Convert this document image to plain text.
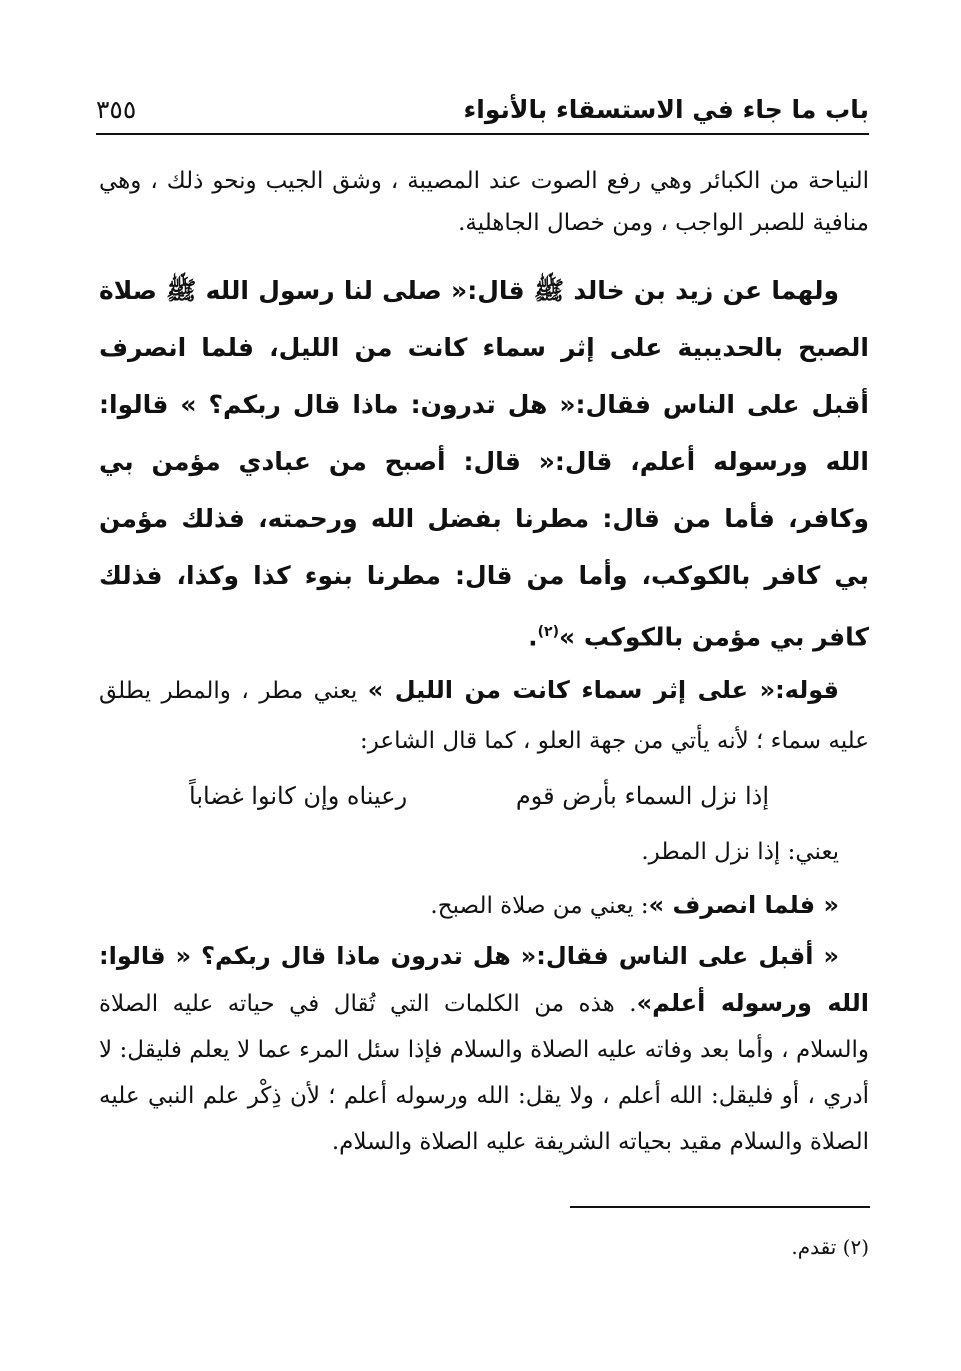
باب ما جاء في الاستسقاء بالأنواء
٣٥٥

النياحة من الكبائر وهي رفع الصوت عند المصيبة ، وشق الجيب ونحو ذلك ، وهي منافية للصبر الواجب ، ومن خصال الجاهلية.

ولهما عن زيد بن خالد ﷺ قال:« صلى لنا رسول الله ﷺ صلاة الصبح بالحديبية على إثر سماء كانت من الليل، فلما انصرف أقبل على الناس فقال:« هل تدرون: ماذا قال ربكم؟ » قالوا: الله ورسوله أعلم، قال:« قال: أصبح من عبادي مؤمن بي وكافر، فأما من قال: مطرنا بفضل الله ورحمته، فذلك مؤمن بي كافر بالكوكب، وأما من قال: مطرنا بنوء كذا وكذا، فذلك كافر بي مؤمن بالكوكب »$^{(٢)}$.

قوله:« على إثر سماء كانت من الليل » يعني مطر ، والمطر يطلق عليه سماء ؛ لأنه يأتي من جهة العلو ، كما قال الشاعر:

إذا نزل السماء بأرض قوم
رعيناه وإن كانوا غضاباً

يعني: إذا نزل المطر.

« فلما انصرف »: يعني من صلاة الصبح.

« أقبل على الناس فقال:« هل تدرون ماذا قال ربكم؟ « قالوا: الله ورسوله أعلم». هذه من الكلمات التي تُقال في حياته عليه الصلاة والسلام ، وأما بعد وفاته عليه الصلاة والسلام فإذا سئل المرء عما لا يعلم فليقل: لا أدري ، أو فليقل: الله أعلم ، ولا يقل: الله ورسوله أعلم ؛ لأن ذِكْر علم النبي عليه الصلاة والسلام مقيد بحياته الشريفة عليه الصلاة والسلام.

(٢) تقدم.
